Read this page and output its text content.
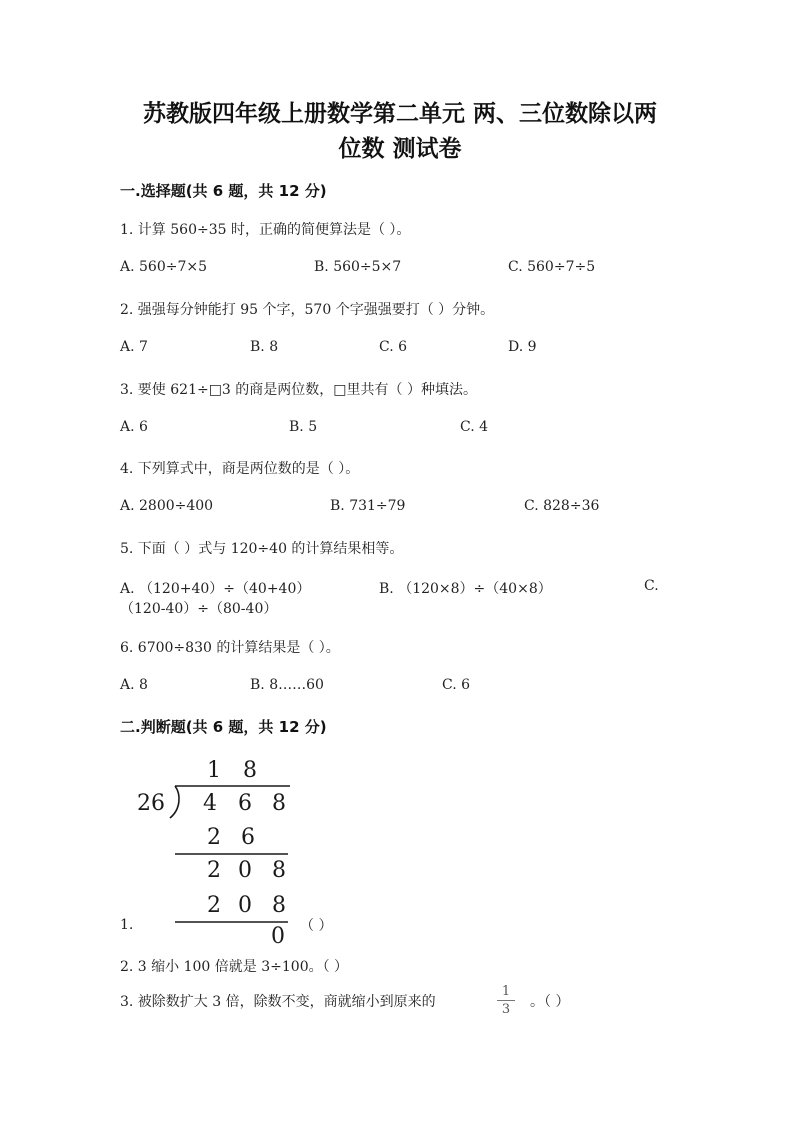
苏教版四年级上册数学第二单元 两、三位数除以两
位数 测试卷
一.选择题(共 6 题，共 12 分)
1. 计算 560÷35 时，正确的简便算法是（ ）。
A. 560÷7×5	B. 560÷5×7	C. 560÷7÷5
2. 强强每分钟能打 95 个字，570 个字强强要打（ ）分钟。
A. 7	B. 8	C. 6	D. 9
3. 要使 621÷□3 的商是两位数，□里共有（ ）种填法。
A. 6	B. 5	C. 4
4. 下列算式中，商是两位数的是（ ）。
A. 2800÷400	B. 731÷79	C. 828÷36
5. 下面（ ）式与 120÷40 的计算结果相等。
A. （120+40）÷（40+40）	B. （120×8）÷（40×8）	C.
（120-40）÷（80-40）
6. 6700÷830 的计算结果是（ ）。
A. 8	B. 8……60	C. 6
二.判断题(共 6 题，共 12 分)
1 8
26 4 6 8
2 6
2 0 8
2 0 8
0
1.	（ ）
2. 3 缩小 100 倍就是 3÷100。（ ）
3. 被除数扩大 3 倍，除数不变，商就缩小到原来的
1
3	。（ ）
